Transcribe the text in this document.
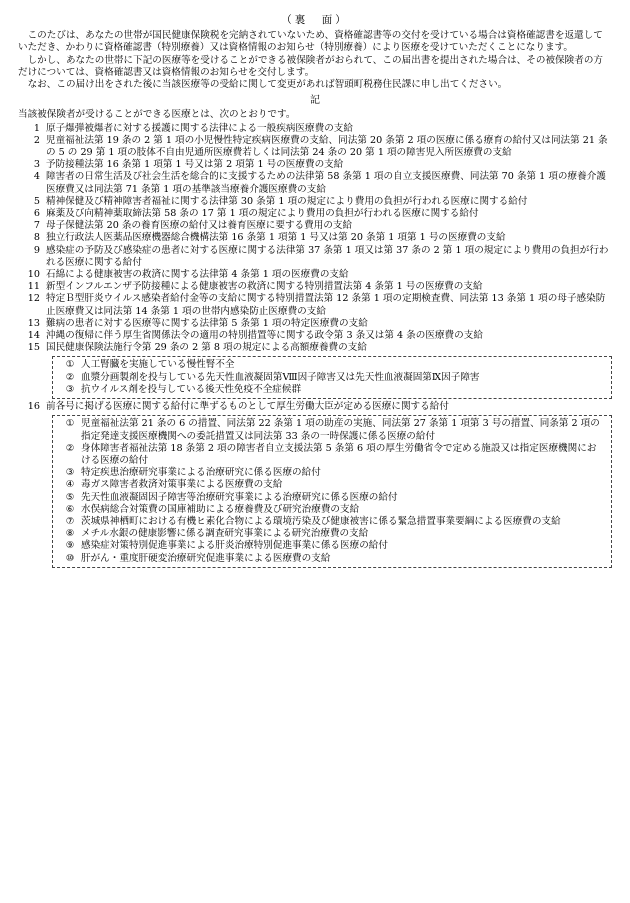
（裏　面）

このたびは、あなたの世帯が国民健康保険税を完納されていないため、資格確認書等の交付を受けている場合は資格確認書を返還していただき、かわりに資格確認書（特別療養）又は資格情報のお知らせ（特別療養）により医療を受けていただくことになります。

しかし、あなたの世帯に下記の医療等を受けることができる被保険者がおられて、この届出書を提出された場合は、その被保険者の方だけについては、資格確認書又は資格情報のお知らせを交付します。

なお、この届け出をされた後に当該医療等の受給に関して変更があれば智頭町税務住民課に申し出てください。

記
当該被保険者が受けることができる医療とは、次のとおりです。
1 原子爆弾被爆者に対する援護に関する法律による一般疾病医療費の支給
2 児童福祉法第 19 条の 2 第 1 項の小児慢性特定疾病医療費の支給、同法第 20 条第 2 項の医療に係る療育の給付又は同法第 21 条の 5 の 29 第 1 項の肢体不自由児通所医療費若しくは同法第 24 条の 20 第 1 項の障害児入所医療費の支給
3 予防接種法第 16 条第 1 項第 1 号又は第 2 項第 1 号の医療費の支給
4 障害者の日常生活及び社会生活を総合的に支援するための法律第 58 条第 1 項の自立支援医療費、同法第 70 条第 1 項の療養介護医療費又は同法第 71 条第 1 項の基準該当療養介護医療費の支給
5 精神保健及び精神障害者福祉に関する法律第 30 条第 1 項の規定により費用の負担が行われる医療に関する給付
6 麻薬及び向精神薬取締法第 58 条の 17 第 1 項の規定により費用の負担が行われる医療に関する給付
7 母子保健法第 20 条の養育医療の給付又は養育医療に要する費用の支給
8 独立行政法人医薬品医療機器総合機構法第 16 条第 1 項第 1 号又は第 20 条第 1 項第 1 号の医療費の支給
9 感染症の予防及び感染症の患者に対する医療に関する法律第 37 条第 1 項又は第 37 条の 2 第 1 項の規定により費用の負担が行われる医療に関する給付
10 石綿による健康被害の救済に関する法律第 4 条第 1 項の医療費の支給
11 新型インフルエンザ予防接種による健康被害の救済に関する特別措置法第 4 条第 1 号の医療費の支給
12 特定Ｂ型肝炎ウイルス感染者給付金等の支給に関する特別措置法第 12 条第 1 項の定期検査費、同法第 13 条第 1 項の母子感染防止医療費又は同法第 14 条第 1 項の世帯内感染防止医療費の支給
13 難病の患者に対する医療等に関する法律第 5 条第 1 項の特定医療費の支給
14 沖縄の復帰に伴う厚生省関係法令の適用の特別措置等に関する政令第 3 条又は第 4 条の医療費の支給
15 国民健康保険法施行令第 29 条の 2 第 8 項の規定による高額療養費の支給
① 人工腎臓を実施している慢性腎不全
② 血漿分画製剤を投与している先天性血液凝固第Ⅷ因子障害又は先天性血液凝固第Ⅸ因子障害
③ 抗ウイルス剤を投与している後天性免疫不全症候群
16 前各号に掲げる医療に関する給付に準ずるものとして厚生労働大臣が定める医療に関する給付
① 児童福祉法第 21 条の 6 の措置、同法第 22 条第 1 項の助産の実施、同法第 27 条第 1 項第 3 号の措置、同条第 2 項の指定発達支援医療機関への委託措置又は同法第 33 条の一時保護に係る医療の給付
② 身体障害者福祉法第 18 条第 2 項の障害者自立支援法第 5 条第 6 項の厚生労働省令で定める施設又は指定医療機関における医療の給付
③ 特定疾患治療研究事業による治療研究に係る医療の給付
④ 毒ガス障害者救済対策事業による医療費の支給
⑤ 先天性血液凝固因子障害等治療研究事業による治療研究に係る医療の給付
⑥ 水俣病総合対策費の国庫補助による療養費及び研究治療費の支給
⑦ 茨城県神栖町における有機ヒ素化合物による環境汚染及び健康被害に係る緊急措置事業要綱による医療費の支給
⑧ メチル水銀の健康影響に係る調査研究事業による研究治療費の支給
⑨ 感染症対策特別促進事業による肝炎治療特別促進事業に係る医療の給付
⑩ 肝がん・重度肝硬変治療研究促進事業による医療費の支給
